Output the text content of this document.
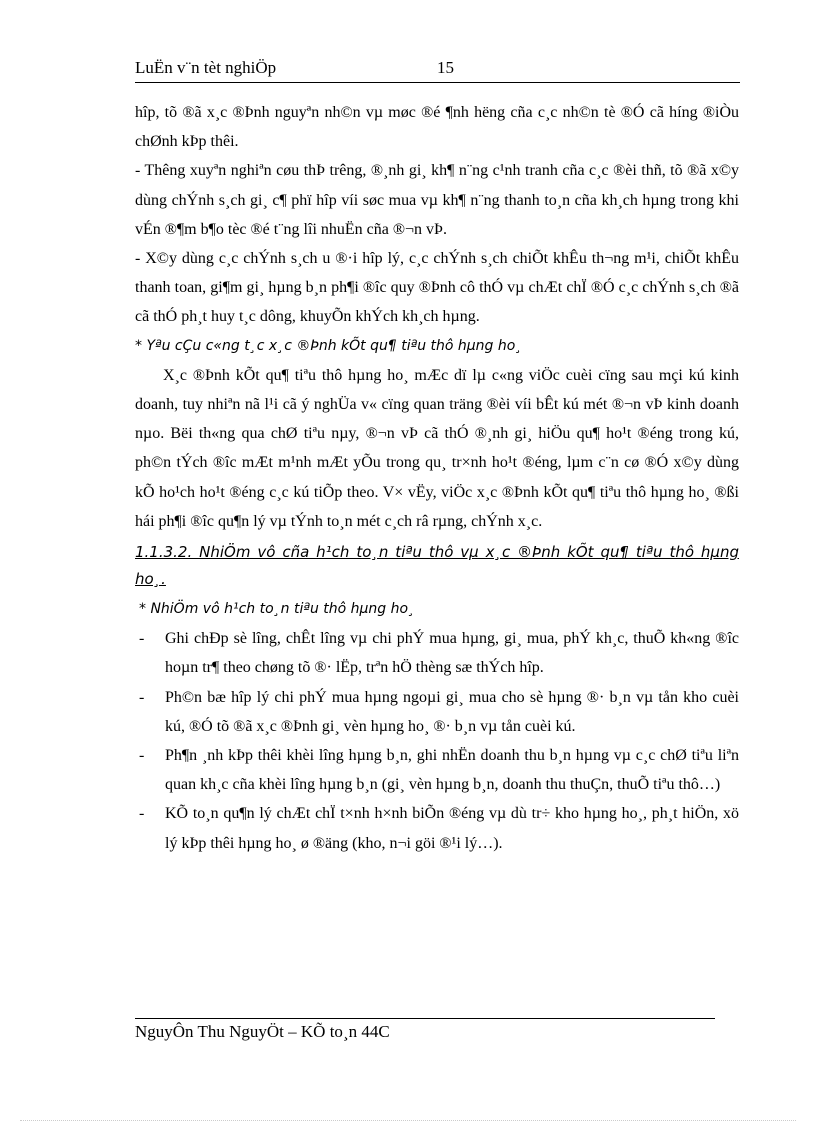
LuËn v¨n tèt nghiÖp	15

hîp, tõ ®ã x¸c ®Þnh nguyªn nh©n vµ møc ®é ¶nh hëng cña c¸c nh©n tè ®Ó cã híng ®iÒu chØnh kÞp thêi.

- Thêng xuyªn nghiªn cøu thÞ trêng, ®¸nh gi¸ kh¶ n¨ng c¹nh tranh cña c¸c ®èi thñ, tõ ®ã x©y dùng chÝnh s¸ch gi¸ c¶ phï hîp víi søc mua vµ kh¶ n¨ng thanh to¸n cña kh¸ch hµng trong khi vÉn ®¶m b¶o tèc ®é t¨ng lîi nhuËn cña ®¬n vÞ.

- X©y dùng c¸c chÝnh s¸ch u ®·i hîp lý, c¸c chÝnh s¸ch chiÕt khÊu th¬ng m¹i, chiÕt khÊu thanh toan, gi¶m gi¸ hµng b¸n ph¶i ®îc quy ®Þnh cô thÓ vµ chÆt chÏ ®Ó c¸c chÝnh s¸ch ®ã cã thÓ ph¸t huy t¸c dông, khuyÕn khÝch kh¸ch hµng.

* Yªu cÇu c«ng t¸c x¸c ®Þnh kÕt qu¶ tiªu thô hµng ho¸

X¸c ®Þnh kÕt qu¶ tiªu thô hµng ho¸ mÆc dï lµ c«ng viÖc cuèi cïng sau mçi kú kinh doanh, tuy nhiªn nã l¹i cã ý nghÜa v« cïng quan träng ®èi víi bÊt kú mét ®¬n vÞ kinh doanh nµo. Bëi th«ng qua chØ tiªu nµy, ®¬n vÞ cã thÓ ®¸nh gi¸ hiÖu qu¶ ho¹t ®éng trong kú, ph©n tÝch ®îc mÆt m¹nh mÆt yÕu trong qu¸ tr×nh ho¹t ®éng, lµm c¨n cø ®Ó x©y dùng kÕ ho¹ch ho¹t ®éng c¸c kú tiÕp theo. V× vËy, viÖc x¸c ®Þnh kÕt qu¶ tiªu thô hµng ho¸ ®ßi hái ph¶i ®îc qu¶n lý vµ tÝnh to¸n mét c¸ch râ rµng, chÝnh x¸c.

1.1.3.2. NhiÖm vô cña h¹ch to¸n tiªu thô vµ x¸c ®Þnh kÕt qu¶ tiªu thô hµng ho¸.

* NhiÖm vô h¹ch to¸n tiªu thô hµng ho¸

-	Ghi chÐp sè lîng, chÊt lîng vµ chi phÝ mua hµng, gi¸ mua, phÝ kh¸c, thuÕ kh«ng ®îc hoµn tr¶ theo chøng tõ ®· lËp, trªn hÖ thèng sæ thÝch hîp.
-	Ph©n bæ hîp lý chi phÝ mua hµng ngoµi gi¸ mua cho sè hµng ®· b¸n vµ tån kho cuèi kú, ®Ó tõ ®ã x¸c ®Þnh gi¸ vèn hµng ho¸ ®· b¸n vµ tån cuèi kú.
-	Ph¶n ¸nh kÞp thêi khèi lîng hµng b¸n, ghi nhËn doanh thu b¸n hµng vµ c¸c chØ tiªu liªn quan kh¸c cña khèi lîng hµng b¸n (gi¸ vèn hµng b¸n, doanh thu thuÇn, thuÕ tiªu thô…)
-	KÕ to¸n qu¶n lý chÆt chÏ t×nh h×nh biÕn ®éng vµ dù tr÷ kho hµng ho¸, ph¸t hiÖn, xö lý kÞp thêi hµng ho¸ ø ®äng (kho, n¬i göi ®¹i lý…).
NguyÔn Thu NguyÖt – KÕ to¸n 44C
